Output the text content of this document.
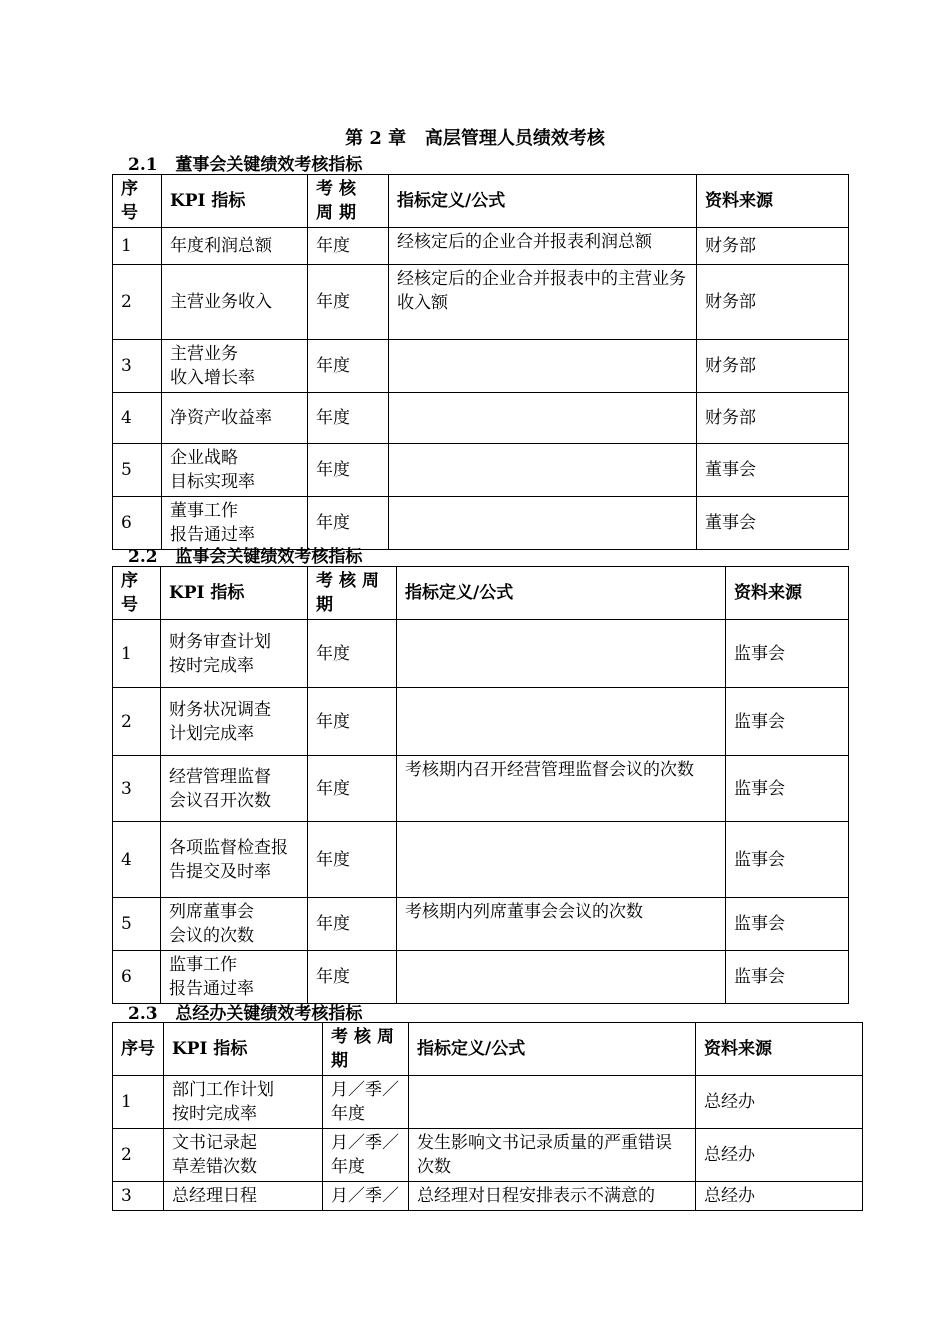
第 2 章   高层管理人员绩效考核
2.1   董事会关键绩效考核指标
序号	KPI 指标	考核周期	指标定义/公式	资料来源
1	年度利润总额	年度	经核定后的企业合并报表利润总额	财务部
2	主营业务收入	年度	经核定后的企业合并报表中的主营业务收入额	财务部
3	主营业务
收入增长率	年度		财务部
4	净资产收益率	年度		财务部
5	企业战略
目标实现率	年度		董事会
6	董事工作
报告通过率	年度		董事会
2.2   监事会关键绩效考核指标
序号	KPI 指标	考核周期	指标定义/公式	资料来源
1	财务审查计划
按时完成率	年度		监事会
2	财务状况调查
计划完成率	年度		监事会
3	经营管理监督
会议召开次数	年度	考核期内召开经营管理监督会议的次数	监事会
4	各项监督检查报告提交及时率	年度		监事会
5	列席董事会
会议的次数	年度	考核期内列席董事会会议的次数	监事会
6	监事工作
报告通过率	年度		监事会
2.3   总经办关键绩效考核指标
序号	KPI 指标	考核周期	指标定义/公式	资料来源
1	部门工作计划
按时完成率	月／季／年度		总经办
2	文书记录起
草差错次数	月／季／年度	发生影响文书记录质量的严重错误次数	总经办
3	总经理日程	月／季／	总经理对日程安排表示不满意的	总经办
